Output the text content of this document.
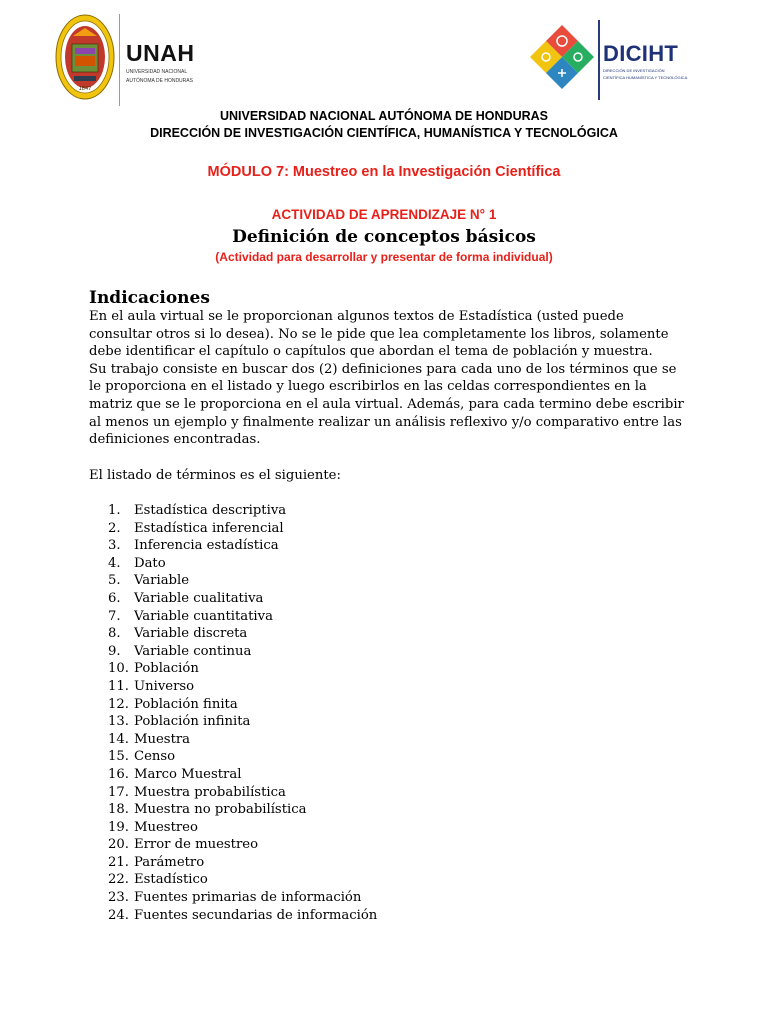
1847
UNAH
UNIVERSIDAD NACIONAL
AUTÓNOMA DE HONDURAS
DICIHT
DIRECCIÓN DE INVESTIGACIÓN
CIENTÍFICA HUMANÍSTICA Y TECNOLÓGICA
UNIVERSIDAD NACIONAL AUTÓNOMA DE HONDURAS
DIRECCIÓN DE INVESTIGACIÓN CIENTÍFICA, HUMANÍSTICA Y TECNOLÓGICA
MÓDULO 7: Muestreo en la Investigación Científica
ACTIVIDAD DE APRENDIZAJE N° 1
Definición de conceptos básicos
(Actividad para desarrollar y presentar de forma individual)
Indicaciones

En el aula virtual se le proporcionan algunos textos de Estadística (usted puede consultar otros si lo desea). No se le pide que lea completamente los libros, solamente debe identificar el capítulo o capítulos que abordan el tema de población y muestra.

Su trabajo consiste en buscar dos (2) definiciones para cada uno de los términos que se le proporciona en el listado y luego escribirlos en las celdas correspondientes en la matriz que se le proporciona en el aula virtual. Además, para cada termino debe escribir al menos un ejemplo y finalmente realizar un análisis reflexivo y/o comparativo entre las definiciones encontradas.

El listado de términos es el siguiente:
1. Estadística descriptiva
2. Estadística inferencial
3. Inferencia estadística
4. Dato
5. Variable
6. Variable cualitativa
7. Variable cuantitativa
8. Variable discreta
9. Variable continua
10. Población
11. Universo
12. Población finita
13. Población infinita
14. Muestra
15. Censo
16. Marco Muestral
17. Muestra probabilística
18. Muestra no probabilística
19. Muestreo
20. Error de muestreo
21. Parámetro
22. Estadístico
23. Fuentes primarias de información
24. Fuentes secundarias de información
